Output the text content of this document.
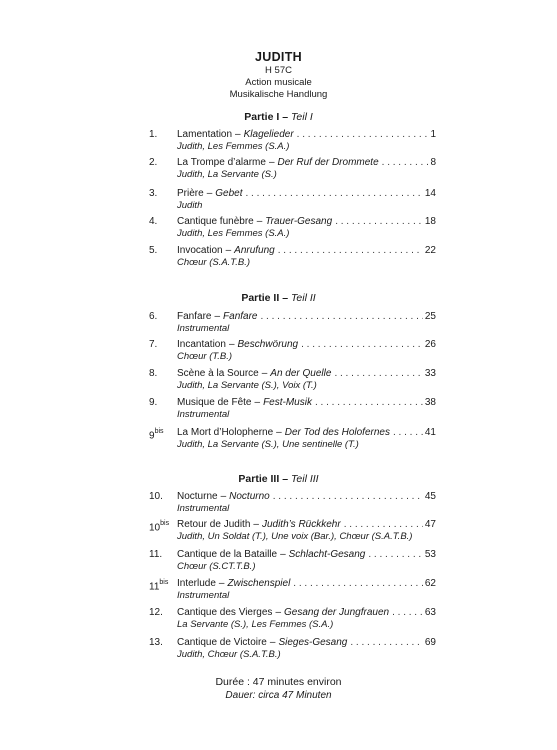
JUDITH
H 57C
Action musicale
Musikalische Handlung
Partie I – Teil I
1. Lamentation – Klagelieder . . .	1
Judith, Les Femmes (S.A.)
2. La Trompe d’alarme – Der Ruf der Drommete . . .	8
Judith, La Servante (S.)
3. Prière – Gebet . . .	14
Judith
4. Cantique funèbre – Trauer-Gesang . . .	18
Judith, Les Femmes (S.A.)
5. Invocation – Anrufung . . .	22
Chœur (S.A.T.B.)
Partie II – Teil II
6. Fanfare – Fanfare . . .	25
Instrumental
7. Incantation – Beschwörung . . .	26
Chœur (T.B.)
8. Scène à la Source – An der Quelle . . .	33
Judith, La Servante (S.), Voix (T.)
9. Musique de Fête – Fest-Musik . . .	38
Instrumental
$9^{bis}$ La Mort d’Holopherne – Der Tod des Holofernes . . .	41
Judith, La Servante (S.), Une sentinelle (T.)
Partie III – Teil III
10. Nocturne – Nocturno . . .	45
Instrumental
$10^{bis}$ Retour de Judith – Judith’s Rückkehr . . .	47
Judith, Un Soldat (T.), Une voix (Bar.), Chœur (S.A.T.B.)
11. Cantique de la Bataille – Schlacht-Gesang . . .	53
Chœur (S.CT.T.B.)
$11^{bis}$ Interlude – Zwischenspiel . . .	62
Instrumental
12. Cantique des Vierges – Gesang der Jungfrauen . . .	63
La Servante (S.), Les Femmes (S.A.)
13. Cantique de Victoire – Sieges-Gesang . . .	69
Judith, Chœur (S.A.T.B.)
Durée : 47 minutes environ
Dauer: circa 47 Minuten
